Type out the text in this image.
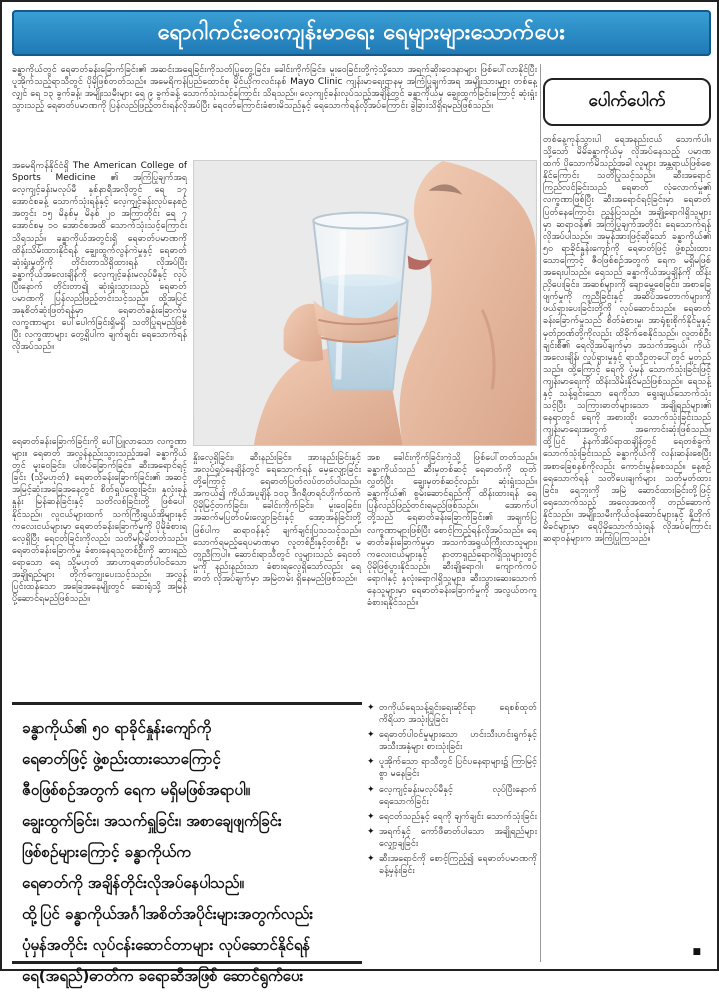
ရောဂါကင်းဝေးကျန်းမာရေး ရေများများသောက်ပေး
ခန္ဓာကိုယ်တွင် ရေဓာတ်ခန်းခြောက်ခြင်း၏ အဆင်းအရေခြင်းကိုသတ်ပြုတွေ့ခြင်း၊ ခေါင်းကိုက်ခြင်း၊ မူးဝေခြင်းတို့ကဲ့သို့သော အရက်ဆိုးဝေဒနာများ ဖြစ်ပေါ်လာနိုင်ပြီး ပူအိုက်သည့်ရာသီတွင် ပိုမိုဖြစ်တတ်သည်။ အမေရိကန်ပြည်ထောင်စု မိုင်ယိုကလင်းနစ် Mayo Clinic ကျန်းမာရေးဌာနမှ အကြံပြုချက်အရ အမျိုးသားများ တစ်နေ့လျှင် ရေ ၁၃ ခွက်ခန့်၊ အမျိုးသမီးများ ရေ ၉ ခွက်ခန့် သောက်သုံးသင့်ကြောင်း သိရသည်။ လေ့ကျင့်ခန်းလုပ်သည့်အချိန်တွင် ခန္ဓာကိုယ်မှ ချွေးထွက်ခြင်းကြောင့် ဆုံးရှုံးသွားသည့် ရေဓာတ်ပမာဏကို ပြန်လည်ဖြည့်တင်းရန်လိုအပ်ပြီး ရေငတ်ကြောင်းခံစားမိသည်နှင့် ရေသောက်ရန်လိုအပ်ကြောင်း ခွဲခြားသိရှိရမည်ဖြစ်သည်။
အမေရိကန်နိုင်ငံရှိ The American College of Sports Medicine ၏ အကြံပြုချက်အရ လေ့ကျင့်ခန်းမလုပ်မီ နှစ်နာရီအလိုတွင် ရေ ၁၇ အောင်စခန့် သောက်သုံးရန်နှင့် လေ့ကျင့်ခန်းလုပ်နေစဉ်အတွင်း ၁၅ မိနစ်မှ မိနစ် ၂၀ အကြာတိုင်း ရေ ၇ အောင်စမှ ၁၀ အောင်စအထိ သောက်သုံးသင့်ကြောင်း သိရသည်။ ခန္ဓာကိုယ်အတွင်းရှိ ရေဓာတ်ပမာဏကို ထိန်းသိမ်းထားနိုင်ရန် ချွေးထွက်လွန်ကဲမှုနှင့် ရေဓာတ်ဆုံးရှုံးမှုတို့ကို တိုင်းတာသိရှိထားရန် လိုအပ်ပြီး ခန္ဓာကိုယ်အလေးချိန်ကို လေ့ကျင့်ခန်းမလုပ်မီနှင့် လုပ်ပြီးနောက် တိုင်းတာ၍ ဆုံးရှုံးသွားသည့် ရေဓာတ်ပမာဏကို ပြန်လည်ဖြည့်တင်းသင့်သည်။ ထို့အပြင် အနုစိတ်ဆုံးဖြတ်ရန်မှာ ရေဓာတ်ခန်းခြောက်မှု လက္ခဏာများ ပေါ်ပေါက်ခြင်းရှိမရှိ သတိပြုရမည်ဖြစ်ပြီး လက္ခဏာများ တွေ့ရှိပါက ချက်ချင်း ရေသောက်ရန် လိုအပ်သည်။
ရေဓာတ်ခန်းခြောက်ခြင်းကို ပေါ်ပြူလာသော လက္ခဏာများ။ ရေဓာတ် အလွန်နည်းသွားသည့်အခါ ခန္ဓာကိုယ်တွင် မူးဝေခြင်း၊ ပါးစပ်ခြောက်ခြင်း၊ ဆီးအရောင်ရင့်ခြင်း (သို့မဟုတ်) ရေဓာတ်ခန်းခြောက်ခြင်း၏ အဆင့်အမြင့်ဆုံးအခြေအနေတွင် စိတ်ရှုပ်ထွေးခြင်း၊ နှလုံးခုန်နှုန်း မြန်ဆန်ခြင်းနှင့် သတိလစ်ခြင်းတို့ ဖြစ်ပေါ်နိုင်သည်။ လူငယ်များထက် သက်ကြီးရွယ်အိုများနှင့် ကလေးငယ်များမှာ ရေဓာတ်ခန်းခြောက်မှုကို ပိုမိုခံစားရလေ့ရှိပြီး ရေငတ်ခြင်းကိုလည်း သတိမပြုမိတတ်သည်။ ရေဓာတ်ခန်းခြောက်မှု ခံစားနေရသူတစ်ဦးကို ဆားရည်ရောသော ရေ သို့မဟုတ် အာဟာရဓာတ်ပါဝင်သော အချိုရည်များ တိုက်ကျွေးပေးသင့်သည်။ အလွန်ပြင်းထန်သော အခြေအနေမျိုးတွင် ဆေးရုံသို့ အမြန်ပို့ဆောင်ရမည်ဖြစ်သည်။
နှိုးလေ့ရှိခြင်း၊ ဆီးနည်းခြင်း၊ အားနည်းခြင်းနှင့် အလုပ်ရှုပ်နေချိန်တွင် ရေသောက်ရန် မေ့လျော့ခြင်းတို့ကြောင့် ရေဓာတ်ပြတ်လပ်တတ်ပါသည်။ အကယ်၍ ကိုယ်အပူချိန် ၁၀၃ ဒီဂရီဖာရင်ဟိုက်ထက်ပိုမိုမြင့်တက်ခြင်း၊ ခေါင်းကိုက်ခြင်း၊ မူးဝေခြင်း၊ အဆက်မပြတ်ဝမ်းလျှောခြင်းနှင့် အော့အန်ခြင်းတို့ ဖြစ်ပါက ဆရာဝန်နှင့် ချက်ချင်းပြသသင့်သည်။ သောက်ရမည့်ရေပမာဏမှာ လူတစ်ဦးနှင့်တစ်ဦး မတူညီကြပါ။ ဆောင်းရာသီတွင် လူများသည် ရေငတ်မှုကို နည်းနည်းသာ ခံစားရလေ့ရှိသော်လည်း ရေဓာတ် လိုအပ်ချက်မှာ အမြဲတမ်း ရှိနေမည်ဖြစ်သည်။
အစ ခေါင်းကိုက်ခြင်းကဲ့သို့ ဖြစ်ပေါ်တတ်သည်။ ခန္ဓာကိုယ်သည် ဆီးမှတစ်ဆင့် ရေဓာတ်ကို ထုတ်လွှတ်ပြီး ချွေးမှတစ်ဆင့်လည်း ဆုံးရှုံးသည်။ ခန္ဓာကိုယ်၏ စွမ်းဆောင်ရည်ကို ထိန်းထားရန် ရေ ပြန်လည်ဖြည့်တင်းရမည်ဖြစ်သည်။ အောက်ပါတို့သည် ရေဓာတ်ခန်းခြောက်ခြင်း၏ အချက်ပြ လက္ခဏာများဖြစ်ပြီး စောင့်ကြည့်ရန်လိုအပ်သည်။ ရေဓာတ်ခန်းခြောက်မှုမှာ အသက်အရွယ်ကြီးလာသူများ၊ ကလေးငယ်များနှင့် နာတာရှည်ရောဂါရှိသူများတွင် ပိုမိုဖြစ်ပွားနိုင်သည်။ ဆီးချိုရောဂါ၊ ကျောက်ကပ်ရောဂါနှင့် နှလုံးရောဂါရှိသူများ၊ ဆီးသွားဆေးသောက်နေသူများမှာ ရေဓာတ်ခန်းခြောက်မှုကို အလွယ်တကူ ခံစားရနိုင်သည်။
✦ တကိုယ်ရေသန့်ရှင်းရေးဆိုင်ရာ ရေစစ်ထုတ်ကိရိယာ အသုံးပြုခြင်း
✦ ရေဓာတ်ပါဝင်မှုများသော ဟင်းသီးဟင်းရွက်နှင့် အသီးအနှံများ စားသုံးခြင်း
✦ ပူအိုက်သော ရာသီတွင် ပြင်ပနေရာများ၌ ကြာမြင့်စွာ မနေခြင်း
✦ လေ့ကျင့်ခန်းမလုပ်မီနှင့် လုပ်ပြီးနောက် ရေသောက်ခြင်း
✦ ရေငတ်သည်နှင့် ရေကို ချက်ချင်း သောက်သုံးခြင်း
✦ အရက်နှင့် ကော်ဖီဓာတ်ပါသော အချိုရည်များ လျှော့ချခြင်း
✦ ဆီးအရောင်ကို စောင့်ကြည့်၍ ရေဓာတ်ပမာဏကို ခန့်မှန်းခြင်း
ခန္ဓာကိုယ်၏ ၅၀ ရာခိုင်နှုန်းကျော်ကို
ရေဓာတ်ဖြင့် ဖွဲ့စည်းထားသောကြောင့်
ဇီဝဖြစ်စဉ်အတွက် ရေက မရှိမဖြစ်အရာပါ။
ချွေးထွက်ခြင်း၊ အသက်ရှူခြင်း၊ အစာချေဖျက်ခြင်း
ဖြစ်စဉ်များကြောင့် ခန္ဓာကိုယ်က
ရေဓာတ်ကို အချိန်တိုင်းလိုအပ်နေပါသည်။
ထို့ပြင် ခန္ဓာကိုယ်အင်္ဂါအစိတ်အပိုင်းများအတွက်လည်း
ပုံမှန်အတိုင်း လုပ်ငန်းဆောင်တာများ လုပ်ဆောင်နိုင်ရန်
ရေ(အရည်)ဓာတ်က ခရောဆီအဖြစ် ဆောင်ရွက်ပေး
ပေါက်ပေါက်
တစ်နေ့ကုန်သွားပါ ရေအနည်းငယ် သောက်ပါ။ သို့သော် မိမိခန္ဓာကိုယ်မှ လိုအပ်နေသည့် ပမာဏထက် ပိုသောက်မိသည့်အခါ လူများ အန္တရာယ်ဖြစ်စေနိုင်ကြောင်း သတိပြုသင့်သည်။ ဆီးအရောင်ကြည်လင်ခြင်းသည် ရေဓာတ် လုံလောက်မှု၏ လက္ခဏာဖြစ်ပြီး ဆီးအရောင်ရင့်ခြင်းမှာ ရေဓာတ်ပြတ်နေကြောင်း ညွှန်ပြသည်။ အချို့ရောဂါရှိသူများမှာ ဆရာဝန်၏ အကြံပြုချက်အတိုင်း ရေသောက်ရန် လိုအပ်ပါသည်။ အမှန်အားဖြင့်ဆိုသော် ခန္ဓာကိုယ်၏ ၅၀ ရာခိုင်နှုန်းကျော်ကို ရေဓာတ်ဖြင့် ဖွဲ့စည်းထားသောကြောင့် ဇီဝဖြစ်စဉ်အတွက် ရေက မရှိမဖြစ် အရေးပါသည်။ ရေသည် ခန္ဓာကိုယ်အပူချိန်ကို ထိန်းညှိပေးခြင်း၊ အဆစ်များကို ချောမွေ့စေခြင်း၊ အစာခြေဖျက်မှုကို ကူညီခြင်းနှင့် အဆိပ်အတောက်များကို ဖယ်ရှားပေးခြင်းတို့ကို လုပ်ဆောင်သည်။ ရေဓာတ်ခန်းခြောက်မှုသည် စိတ်ခံစားမှု၊ အာရုံစူးစိုက်နိုင်မှုနှင့် မှတ်ဉာဏ်တို့ကိုလည်း ထိခိုက်စေနိုင်သည်။ လူတစ်ဦးချင်းစီ၏ ရေလိုအပ်ချက်မှာ အသက်အရွယ်၊ ကိုယ်အလေးချိန်၊ လှုပ်ရှားမှုနှင့် ရာသီဥတုပေါ်တွင် မူတည်သည်။ ထို့ကြောင့် ရေကို ပုံမှန် သောက်သုံးခြင်းဖြင့် ကျန်းမာရေးကို ထိန်းသိမ်းနိုင်မည်ဖြစ်သည်။ ရေသန့်နှင့် သန့်ရှင်းသော ရေကိုသာ ရွေးချယ်သောက်သုံးသင့်ပြီး သကြားဓာတ်များသော အချိုရည်များ၏ နေရာတွင် ရေကို အစားထိုး သောက်သုံးခြင်းသည် ကျန်းမာရေးအတွက် အကောင်းဆုံးဖြစ်သည်။ ထို့ပြင် နံနက်အိပ်ရာထချိန်တွင် ရေတစ်ခွက် သောက်သုံးခြင်းသည် ခန္ဓာကိုယ်ကို လန်းဆန်းစေပြီး အစာခြေစနစ်ကိုလည်း ကောင်းမွန်စေသည်။ နေ့စဉ် ရေသောက်ရန် သတိပေးချက်များ သတ်မှတ်ထားခြင်း၊ ရေဘူးကို အမြဲ ဆောင်ထားခြင်းတို့ဖြင့် ရေသောက်သည့် အလေ့အထကို တည်ဆောက်နိုင်သည်။ အမျိုးသမီးကိုယ်ဝန်ဆောင်များနှင့် နို့တိုက်မိခင်များမှာ ရေပိုမိုသောက်သုံးရန် လိုအပ်ကြောင်း ဆရာဝန်များက အကြံပြုကြသည်။
■
